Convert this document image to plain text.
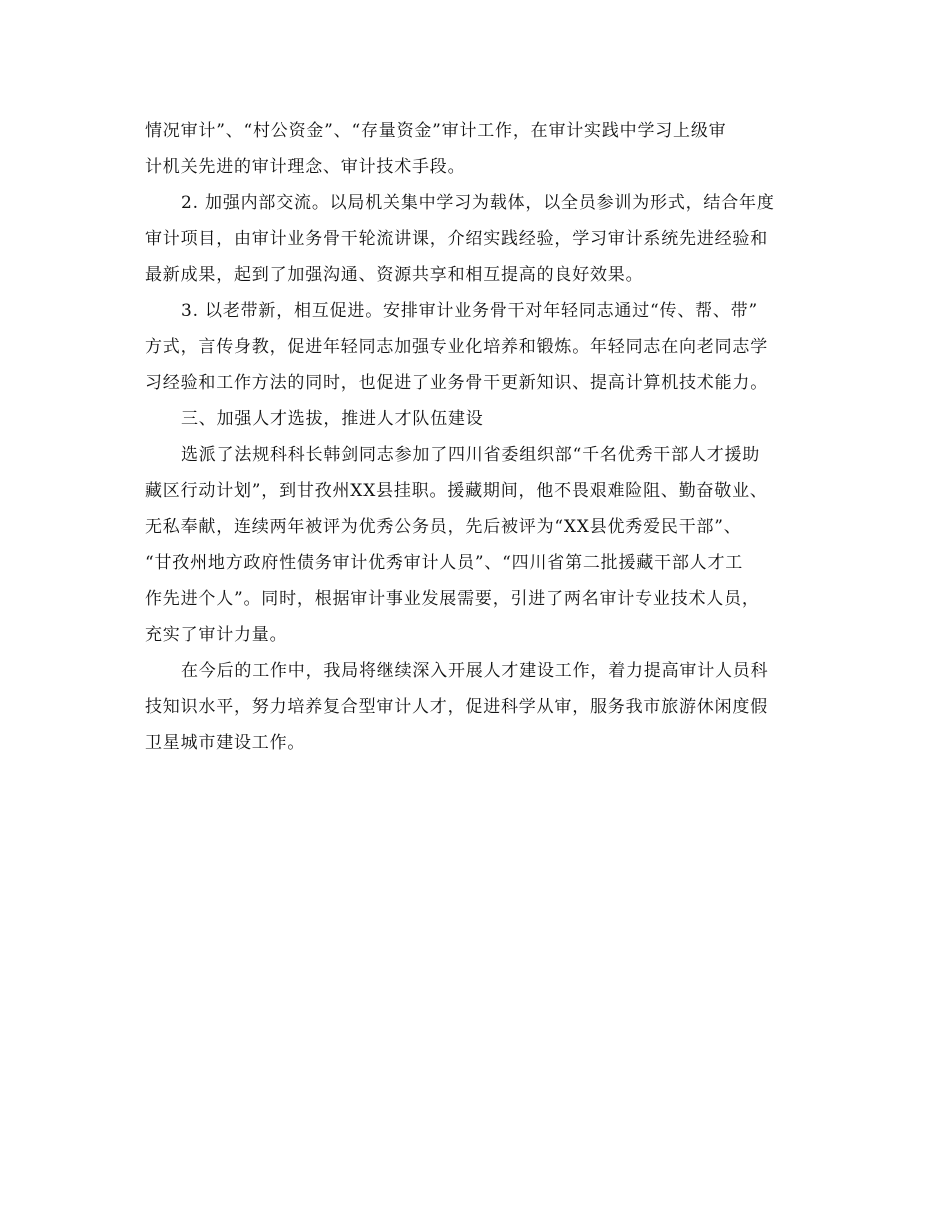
情况审计”、“村公资金”、“存量资金”审计工作，在审计实践中学习上级审
计机关先进的审计理念、审计技术手段。

2. 加强内部交流。以局机关集中学习为载体，以全员参训为形式，结合年度
审计项目，由审计业务骨干轮流讲课，介绍实践经验，学习审计系统先进经验和
最新成果，起到了加强沟通、资源共享和相互提高的良好效果。

3. 以老带新，相互促进。安排审计业务骨干对年轻同志通过“传、帮、带”
方式，言传身教，促进年轻同志加强专业化培养和锻炼。年轻同志在向老同志学
习经验和工作方法的同时，也促进了业务骨干更新知识、提高计算机技术能力。

三、加强人才选拔，推进人才队伍建设

选派了法规科科长韩剑同志参加了四川省委组织部“千名优秀干部人才援助
藏区行动计划”，到甘孜州XX县挂职。援藏期间，他不畏艰难险阻、勤奋敬业、
无私奉献，连续两年被评为优秀公务员，先后被评为“XX县优秀爱民干部”、
“甘孜州地方政府性债务审计优秀审计人员”、“四川省第二批援藏干部人才工
作先进个人”。同时，根据审计事业发展需要，引进了两名审计专业技术人员，
充实了审计力量。

在今后的工作中，我局将继续深入开展人才建设工作，着力提高审计人员科
技知识水平，努力培养复合型审计人才，促进科学从审，服务我市旅游休闲度假
卫星城市建设工作。
